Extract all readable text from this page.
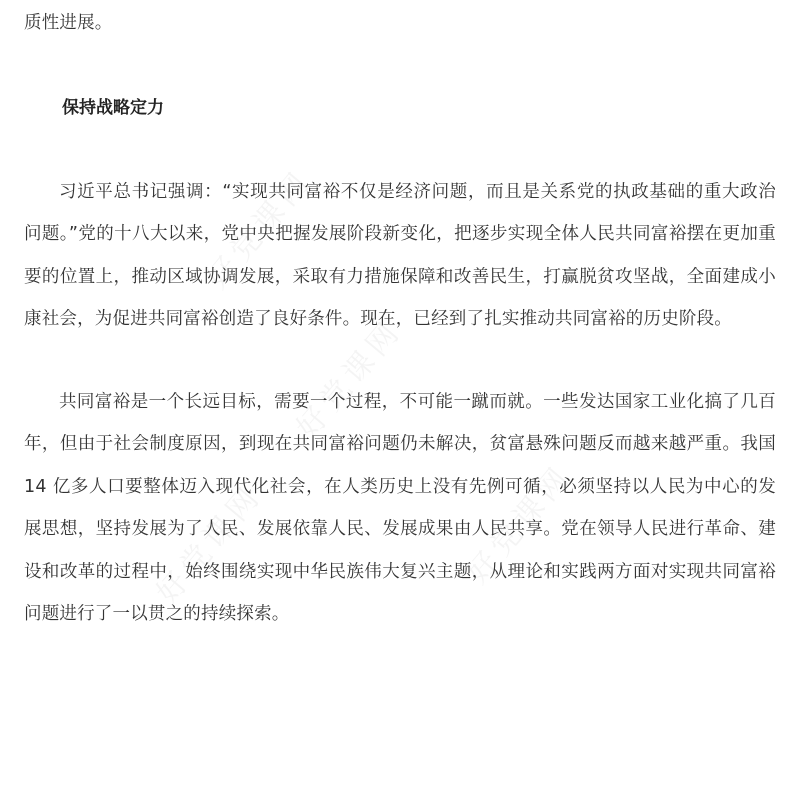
好党课网
好党课网
好党课网	好党课网

质性进展。

保持战略定力

习近平总书记强调：“实现共同富裕不仅是经济问题，而且是关系党的执政基础的重大政治问题。”党的十八大以来，党中央把握发展阶段新变化，把逐步实现全体人民共同富裕摆在更加重要的位置上，推动区域协调发展，采取有力措施保障和改善民生，打赢脱贫攻坚战，全面建成小康社会，为促进共同富裕创造了良好条件。现在，已经到了扎实推动共同富裕的历史阶段。

共同富裕是一个长远目标，需要一个过程，不可能一蹴而就。一些发达国家工业化搞了几百年，但由于社会制度原因，到现在共同富裕问题仍未解决，贫富悬殊问题反而越来越严重。我国 14 亿多人口要整体迈入现代化社会，在人类历史上没有先例可循，必须坚持以人民为中心的发展思想，坚持发展为了人民、发展依靠人民、发展成果由人民共享。党在领导人民进行革命、建设和改革的过程中，始终围绕实现中华民族伟大复兴主题，从理论和实践两方面对实现共同富裕问题进行了一以贯之的持续探索。
